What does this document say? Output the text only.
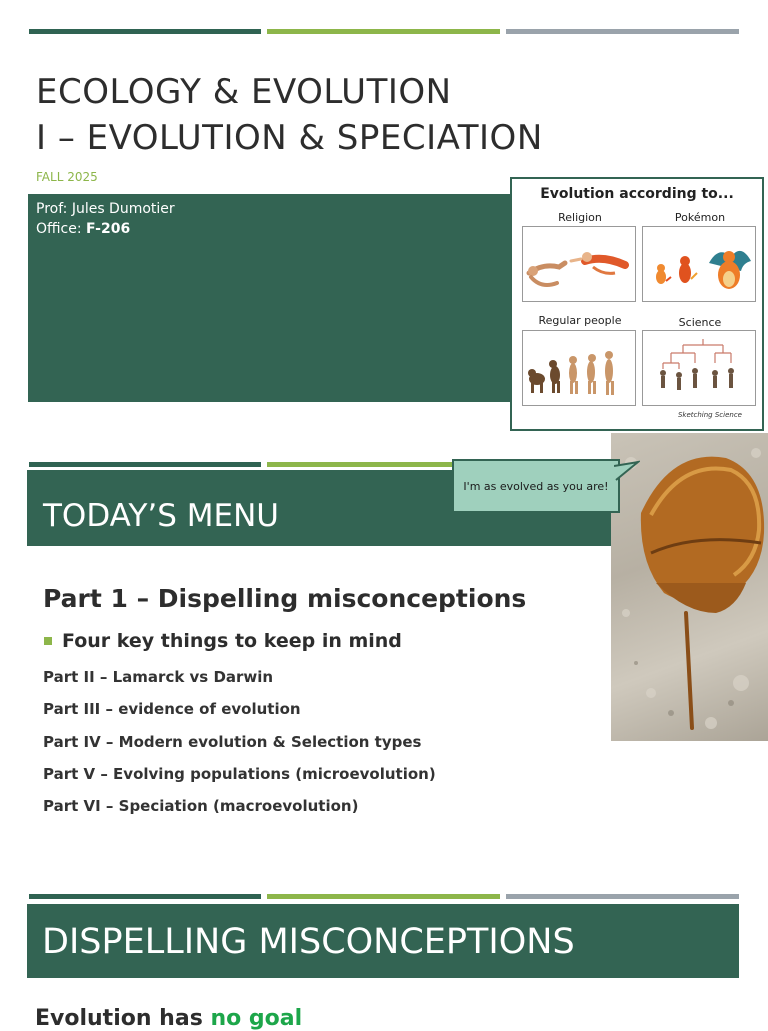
ECOLOGY & EVOLUTION
I – EVOLUTION & SPECIATION
FALL 2025
Prof: Jules Dumotier
Office: F-206
Evolution according to...
Religion	Pokémon
Regular people	Science
Sketching Science
TODAY’S MENU
I'm as evolved as you are!
Part 1 – Dispelling misconceptions
Four key things to keep in mind
Part II – Lamarck vs Darwin
Part III – evidence of evolution
Part IV – Modern evolution & Selection types
Part V – Evolving populations (microevolution)
Part VI – Speciation (macroevolution)
DISPELLING MISCONCEPTIONS
Evolution has no goal
